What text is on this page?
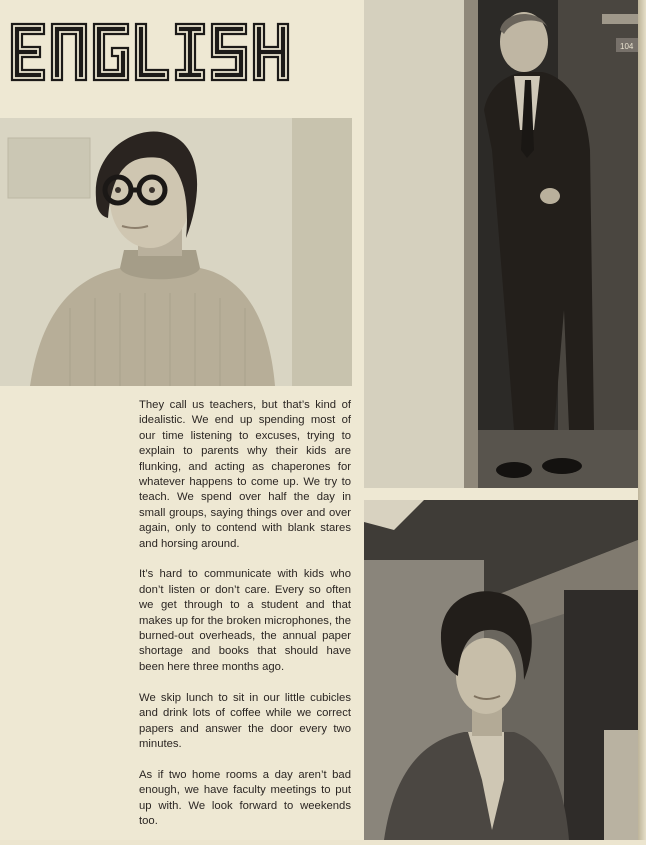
104

They call us teachers, but that’s kind of idealistic. We end up spending most of our time listening to excuses, trying to explain to parents why their kids are flunking, and acting as chaperones for whatever happens to come up. We try to teach. We spend over half the day in small groups, saying things over and over again, only to contend with blank stares and horsing around.

It’s hard to communicate with kids who don’t listen or don’t care. Every so often we get through to a student and that makes up for the broken microphones, the burned-out overheads, the annual paper shortage and books that should have been here three months ago.

We skip lunch to sit in our little cubicles and drink lots of coffee while we correct papers and answer the door every two minutes.

As if two home rooms a day aren’t bad enough, we have faculty meetings to put up with. We look forward to weekends too.
